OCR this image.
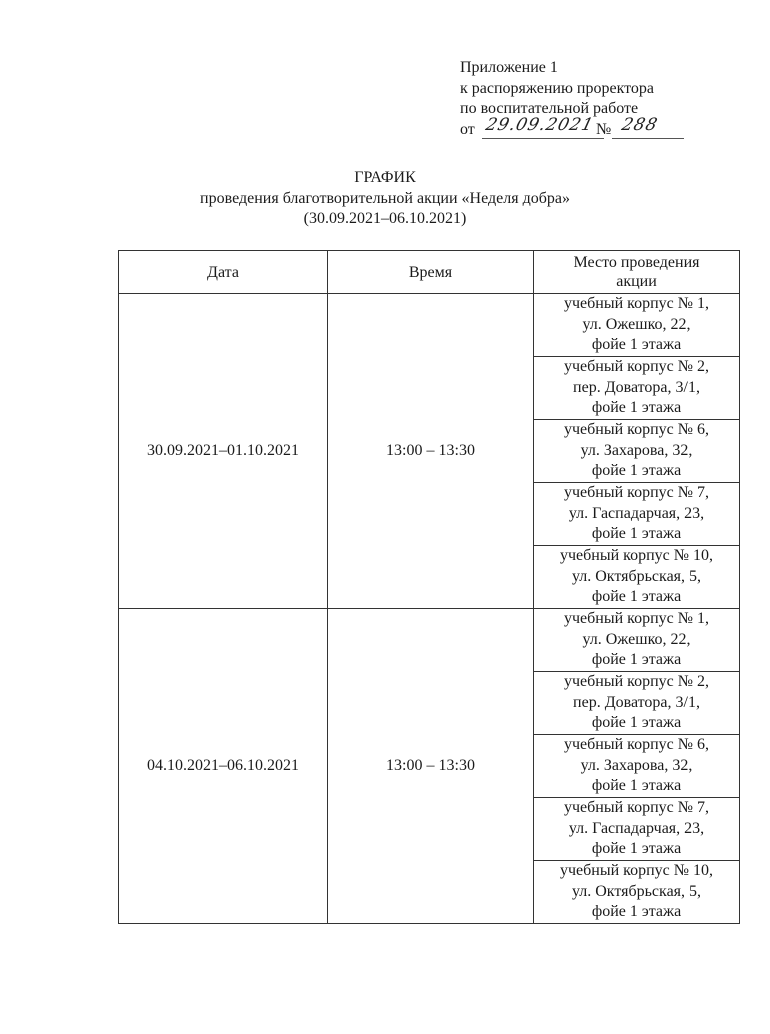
Приложение 1
к распоряжению проректора
по воспитательной работе
от 29.09.2021 № 288
ГРАФИК
проведения благотворительной акции «Неделя добра»
(30.09.2021–06.10.2021)
Дата	Время	Место проведения
акции

30.09.2021–01.10.2021	13:00 – 13:30	учебный корпус № 1,
ул. Ожешко, 22,
фойе 1 этажа

		учебный корпус № 2,
пер. Доватора, 3/1,
фойе 1 этажа

		учебный корпус № 6,
ул. Захарова, 32,
фойе 1 этажа

		учебный корпус № 7,
ул. Гаспадарчая, 23,
фойе 1 этажа

		учебный корпус № 10,
ул. Октябрьская, 5,
фойе 1 этажа

04.10.2021–06.10.2021	13:00 – 13:30	учебный корпус № 1,
ул. Ожешко, 22,
фойе 1 этажа

		учебный корпус № 2,
пер. Доватора, 3/1,
фойе 1 этажа

		учебный корпус № 6,
ул. Захарова, 32,
фойе 1 этажа

		учебный корпус № 7,
ул. Гаспадарчая, 23,
фойе 1 этажа

		учебный корпус № 10,
ул. Октябрьская, 5,
фойе 1 этажа
